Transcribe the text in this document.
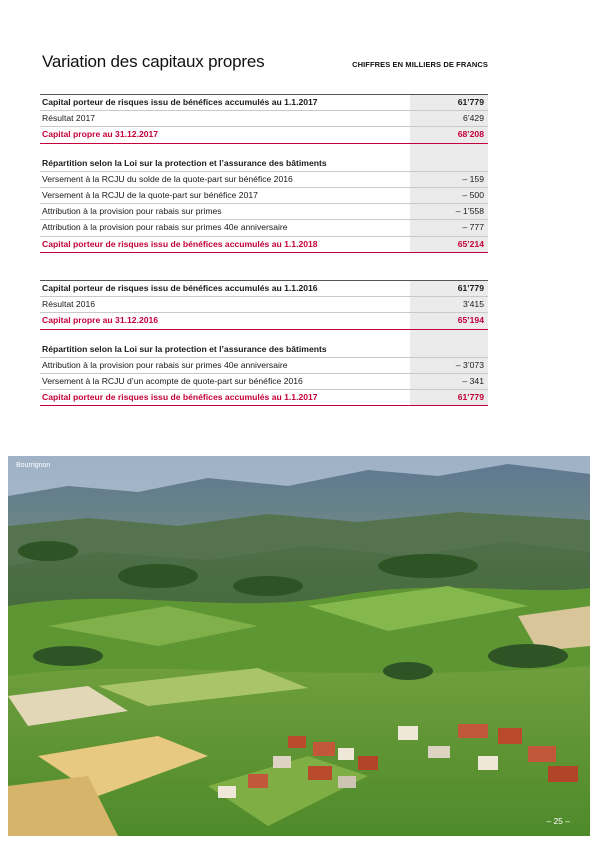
Variation des capitaux propres	CHIFFRES EN MILLIERS DE FRANCS
Capital porteur de risques issu de bénéfices accumulés au 1.1.2017	61’779
Résultat 2017	6’429
Capital propre au 31.12.2017	68’208
Répartition selon la Loi sur la protection et l’assurance des bâtiments
Versement à la RCJU du solde de la quote-part sur bénéfice 2016	– 159
Versement à la RCJU de la quote-part sur bénéfice 2017	– 500
Attribution à la provision pour rabais sur primes	– 1’558
Attribution à la provision pour rabais sur primes 40e anniversaire	– 777
Capital porteur de risques issu de bénéfices accumulés au 1.1.2018	65’214
Capital porteur de risques issu de bénéfices accumulés au 1.1.2016	61’779
Résultat 2016	3’415
Capital propre au 31.12.2016	65’194
Répartition selon la Loi sur la protection et l’assurance des bâtiments
Attribution à la provision pour rabais sur primes 40e anniversaire	– 3’073
Versement à la RCJU d’un acompte de quote-part sur bénéfice 2016	– 341
Capital porteur de risques issu de bénéfices accumulés au 1.1.2017	61’779
Bourrignon
– 25 –
